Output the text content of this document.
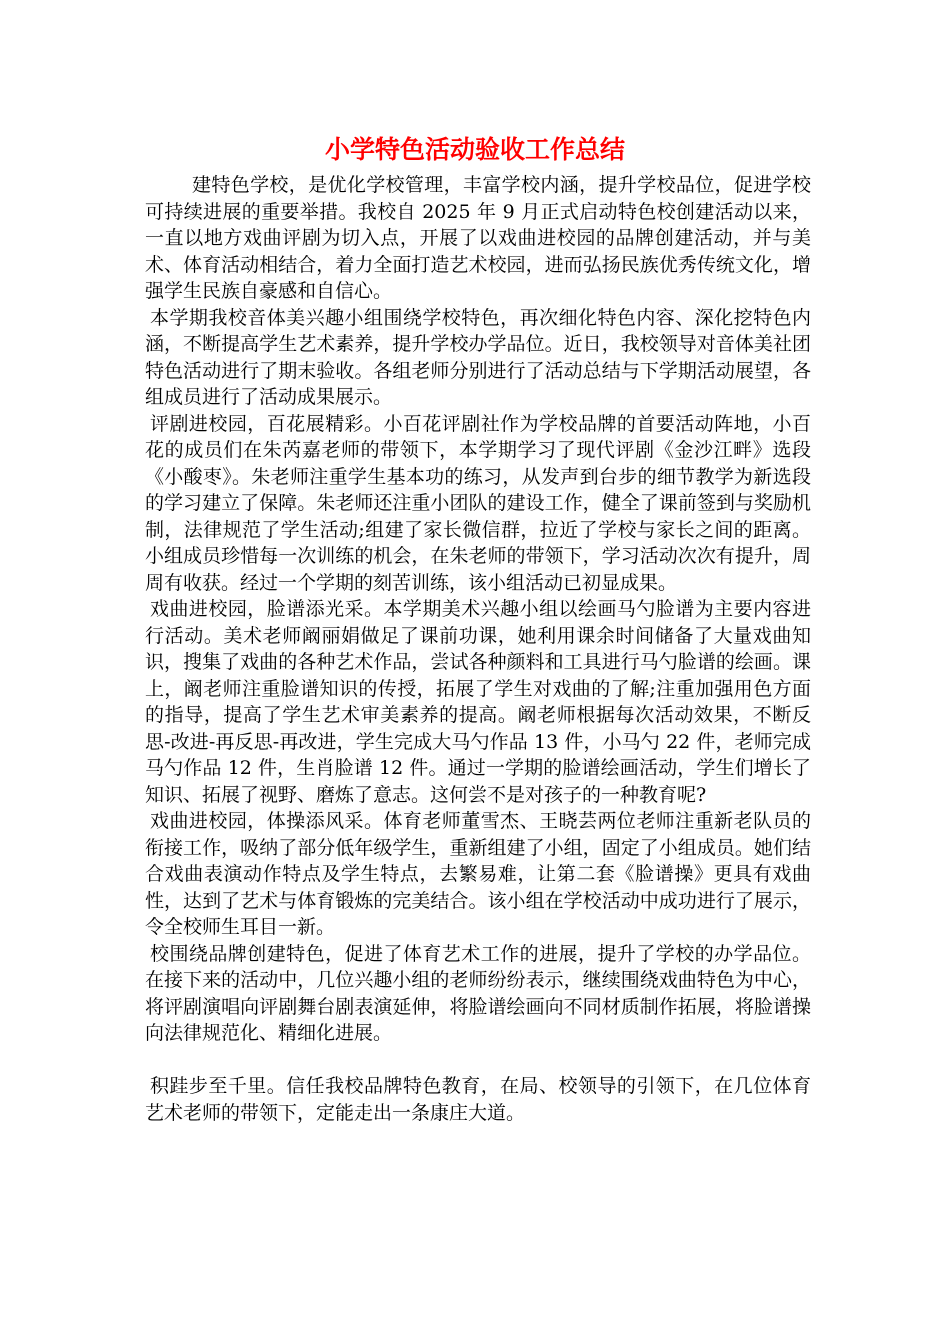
小学特色活动验收工作总结

建特色学校，是优化学校管理，丰富学校内涵，提升学校品位，促进学校可持续进展的重要举措。我校自 2025 年 9 月正式启动特色校创建活动以来，一直以地方戏曲评剧为切入点，开展了以戏曲进校园的品牌创建活动，并与美术、体育活动相结合，着力全面打造艺术校园，进而弘扬民族优秀传统文化，增强学生民族自豪感和自信心。

本学期我校音体美兴趣小组围绕学校特色，再次细化特色内容、深化挖特色内涵，不断提高学生艺术素养，提升学校办学品位。近日，我校领导对音体美社团特色活动进行了期末验收。各组老师分别进行了活动总结与下学期活动展望，各组成员进行了活动成果展示。

评剧进校园，百花展精彩。小百花评剧社作为学校品牌的首要活动阵地，小百花的成员们在朱芮嘉老师的带领下，本学期学习了现代评剧《金沙江畔》选段《小酸枣》。朱老师注重学生基本功的练习，从发声到台步的细节教学为新选段的学习建立了保障。朱老师还注重小团队的建设工作，健全了课前签到与奖励机制，法律规范了学生活动;组建了家长微信群，拉近了学校与家长之间的距离。小组成员珍惜每一次训练的机会，在朱老师的带领下，学习活动次次有提升，周周有收获。经过一个学期的刻苦训练，该小组活动已初显成果。

戏曲进校园，脸谱添光采。本学期美术兴趣小组以绘画马勺脸谱为主要内容进行活动。美术老师阚丽娟做足了课前功课，她利用课余时间储备了大量戏曲知识，搜集了戏曲的各种艺术作品，尝试各种颜料和工具进行马勺脸谱的绘画。课上，阚老师注重脸谱知识的传授，拓展了学生对戏曲的了解;注重加强用色方面的指导，提高了学生艺术审美素养的提高。阚老师根据每次活动效果，不断反思-改进-再反思-再改进，学生完成大马勺作品 13 件，小马勺 22 件，老师完成马勺作品 12 件，生肖脸谱 12 件。通过一学期的脸谱绘画活动，学生们增长了知识、拓展了视野、磨炼了意志。这何尝不是对孩子的一种教育呢?

戏曲进校园，体操添风采。体育老师董雪杰、王晓芸两位老师注重新老队员的衔接工作，吸纳了部分低年级学生，重新组建了小组，固定了小组成员。她们结合戏曲表演动作特点及学生特点，去繁易难，让第二套《脸谱操》更具有戏曲性，达到了艺术与体育锻炼的完美结合。该小组在学校活动中成功进行了展示，令全校师生耳目一新。

校围绕品牌创建特色，促进了体育艺术工作的进展，提升了学校的办学品位。在接下来的活动中，几位兴趣小组的老师纷纷表示，继续围绕戏曲特色为中心，将评剧演唱向评剧舞台剧表演延伸，将脸谱绘画向不同材质制作拓展，将脸谱操向法律规范化、精细化进展。

积跬步至千里。信任我校品牌特色教育，在局、校领导的引领下，在几位体育艺术老师的带领下，定能走出一条康庄大道。
